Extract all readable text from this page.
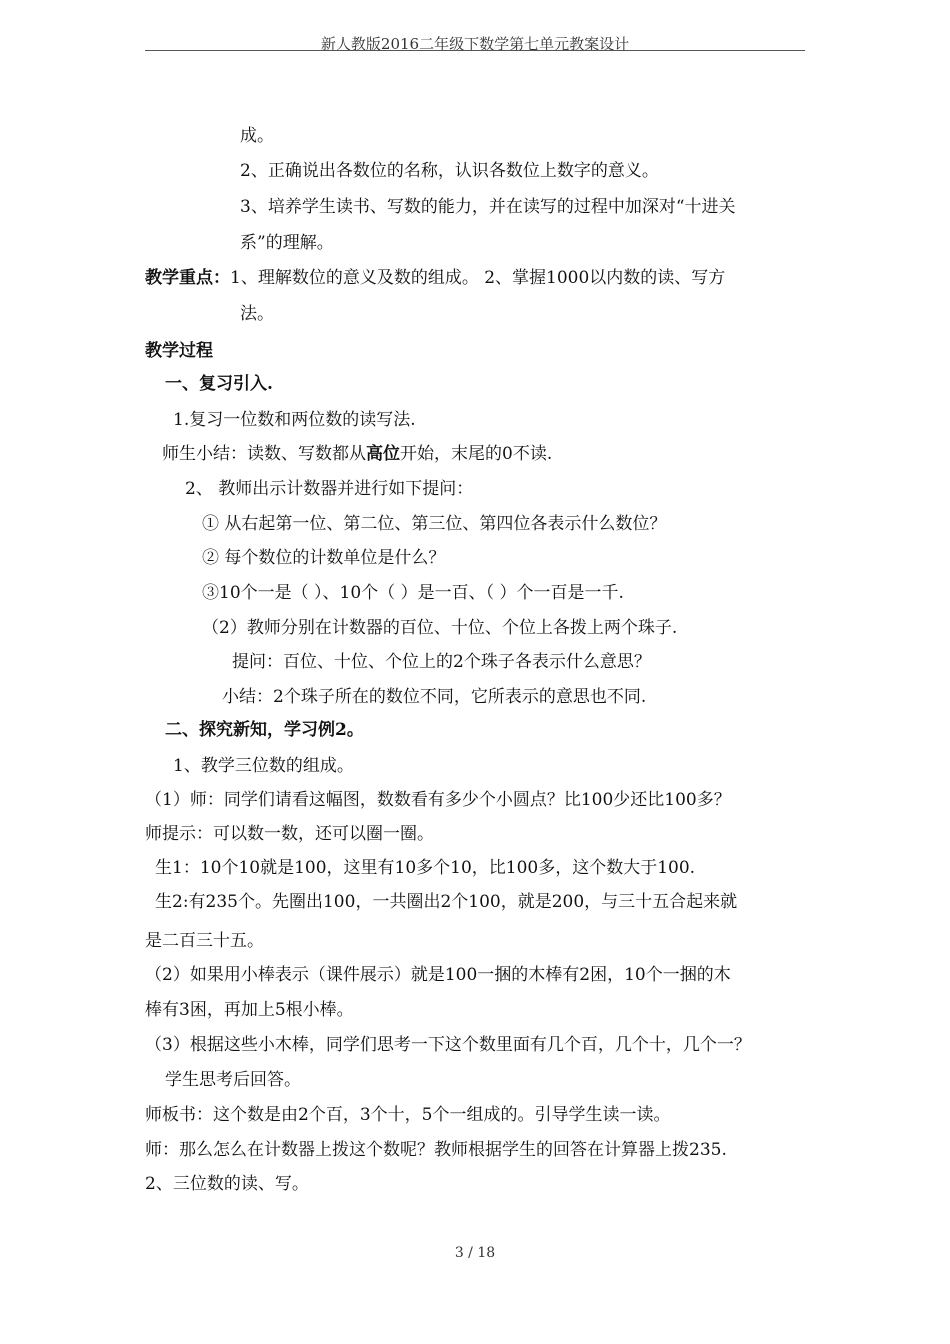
新人教版2016二年级下数学第七单元教案设计
成。
2、正确说出各数位的名称，认识各数位上数字的意义。
3、培养学生读书、写数的能力，并在读写的过程中加深对“十进关
系”的理解。
教学重点：1、理解数位的意义及数的组成。 2、掌握1000以内数的读、写方
法。
教学过程
一、复习引入.
1.复习一位数和两位数的读写法.
师生小结：读数、写数都从高位开始，末尾的0不读.
2、 教师出示计数器并进行如下提问：
① 从右起第一位、第二位、第三位、第四位各表示什么数位？
② 每个数位的计数单位是什么？
③10个一是（ ）、10个（ ）是一百、（ ）个一百是一千.
（2）教师分别在计数器的百位、十位、个位上各拨上两个珠子.
提问：百位、十位、个位上的2个珠子各表示什么意思？
小结：2个珠子所在的数位不同，它所表示的意思也不同.
二、探究新知，学习例2。
1、教学三位数的组成。
（1）师：同学们请看这幅图，数数看有多少个小圆点？比100少还比100多？
师提示：可以数一数，还可以圈一圈。
生1：10个10就是100，这里有10多个10，比100多，这个数大于100.
生2:有235个。先圈出100，一共圈出2个100，就是200，与三十五合起来就
是二百三十五。
（2）如果用小棒表示（课件展示）就是100一捆的木棒有2困，10个一捆的木
棒有3困，再加上5根小棒。
（3）根据这些小木棒，同学们思考一下这个数里面有几个百，几个十，几个一？
学生思考后回答。
师板书：这个数是由2个百，3个十，5个一组成的。引导学生读一读。
师：那么怎么在计数器上拨这个数呢？教师根据学生的回答在计算器上拨235.
2、三位数的读、写。
3 / 18
